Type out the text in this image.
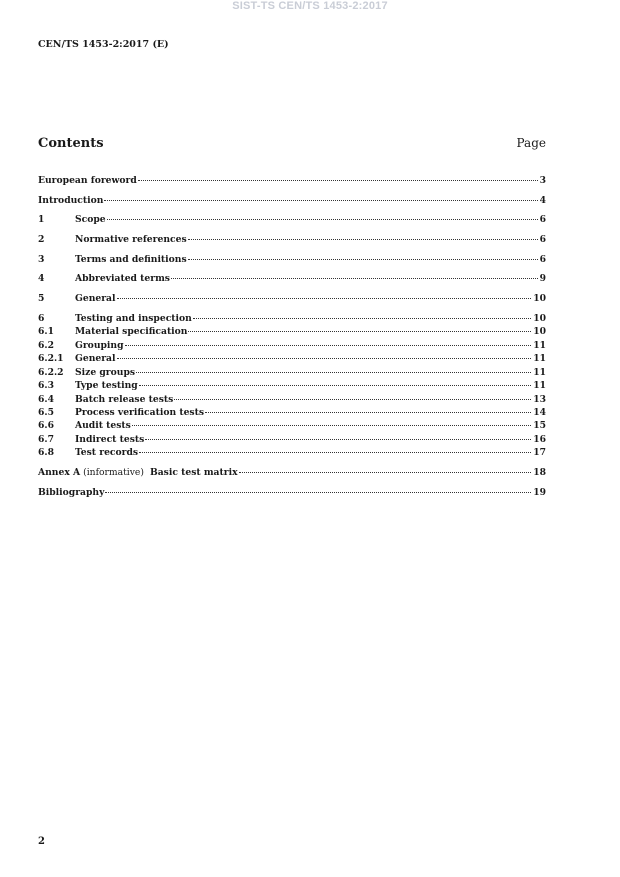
SIST-TS CEN/TS 1453-2:2017
CEN/TS 1453-2:2017 (E)
Contents	Page
European foreword	3
Introduction	4
1	Scope	6
2	Normative references	6
3	Terms and definitions	6
4	Abbreviated terms	9
5	General	10
6	Testing and inspection	10
6.1	Material specification	10
6.2	Grouping	11
6.2.1	General	11
6.2.2	Size groups	11
6.3	Type testing	11
6.4	Batch release tests	13
6.5	Process verification tests	14
6.6	Audit tests	15
6.7	Indirect tests	16
6.8	Test records	17
Annex A (informative) Basic test matrix	18
Bibliography	19
2
